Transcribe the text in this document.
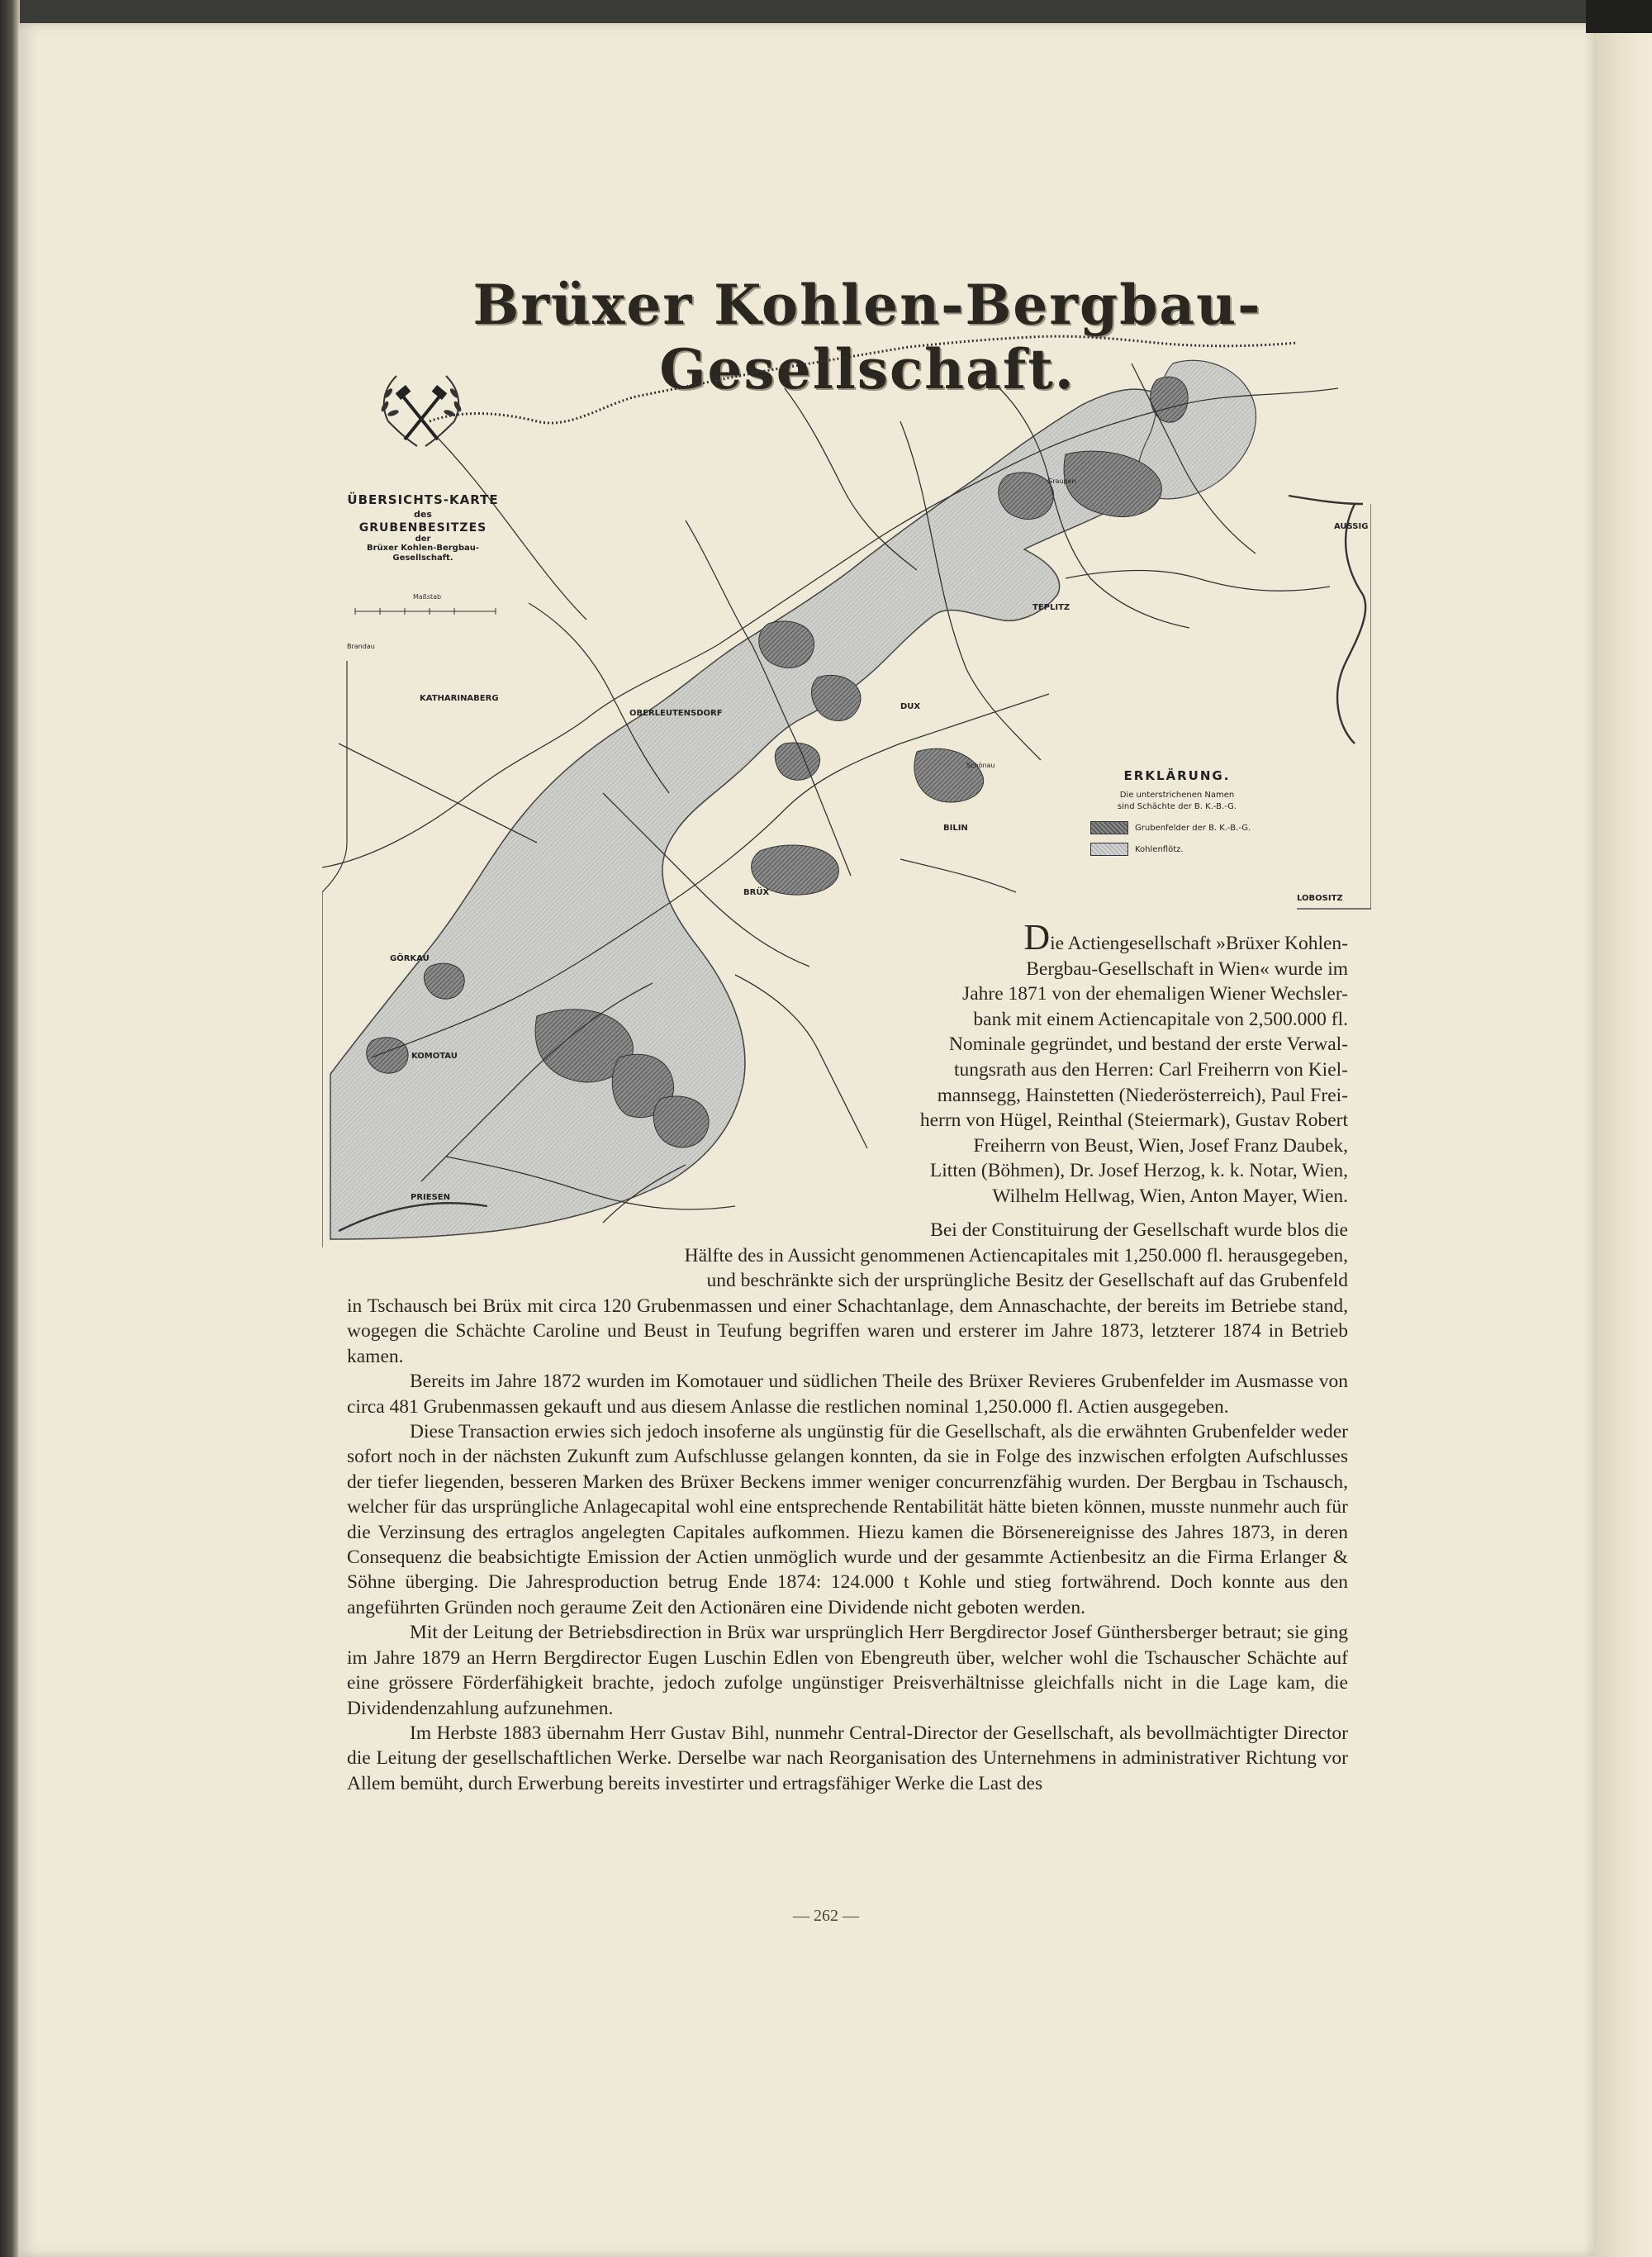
Brüxer Kohlen-Bergbau-Gesellschaft.
ÜBERSICHTS-KARTE
des
GRUBENBESITZES
der
Brüxer Kohlen-Bergbau-
Gesellschaft.
Maßstab
ERKLÄRUNG.
Die unterstrichenen Namen
sind Schächte der B. K.-B.-G.
Grubenfelder der B. K.-B.-G.
Kohlenflötz.
AUSSIG
TEPLITZ
DUX
BILIN
BRÜX
KOMOTAU
GÖRKAU
LOBOSITZ
Graupen
Brandau
KATHARINABERG
OBERLEUTENSDORF
PRIESEN
Schönau
Die Actiengesellschaft »Brüxer Kohlen-
Bergbau-Gesellschaft in Wien« wurde im
Jahre 1871 von der ehemaligen Wiener Wechsler-
bank mit einem Actiencapitale von 2,500.000 fl.
Nominale gegründet, und bestand der erste Verwal-
tungsrath aus den Herren: Carl Freiherrn von Kiel-
mannsegg, Hainstetten (Niederösterreich), Paul Frei-
herrn von Hügel, Reinthal (Steiermark), Gustav Robert
Freiherrn von Beust, Wien, Josef Franz Daubek,
Litten (Böhmen), Dr. Josef Herzog, k. k. Notar, Wien,
Wilhelm Hellwag, Wien, Anton Mayer, Wien.
Bei der Constituirung der Gesellschaft wurde blos die
Hälfte des in Aussicht genommenen Actiencapitales mit 1,250.000 fl. herausgegeben,
und beschränkte sich der ursprüngliche Besitz der Gesellschaft auf das Grubenfeld

in Tschausch bei Brüx mit circa 120 Grubenmassen und einer Schachtanlage, dem Annaschachte, der bereits im Betriebe stand, wogegen die Schächte Caroline und Beust in Teufung begriffen waren und ersterer im Jahre 1873, letzterer 1874 in Betrieb kamen.

Bereits im Jahre 1872 wurden im Komotauer und südlichen Theile des Brüxer Revieres Grubenfelder im Ausmasse von circa 481 Grubenmassen gekauft und aus diesem Anlasse die restlichen nominal 1,250.000 fl. Actien ausgegeben.

Diese Transaction erwies sich jedoch insoferne als ungünstig für die Gesellschaft, als die erwähnten Grubenfelder weder sofort noch in der nächsten Zukunft zum Aufschlusse gelangen konnten, da sie in Folge des inzwischen erfolgten Aufschlusses der tiefer liegenden, besseren Marken des Brüxer Beckens immer weniger concurrenzfähig wurden. Der Bergbau in Tschausch, welcher für das ursprüngliche Anlagecapital wohl eine entsprechende Rentabilität hätte bieten können, musste nunmehr auch für die Verzinsung des ertraglos angelegten Capitales aufkommen. Hiezu kamen die Börsenereignisse des Jahres 1873, in deren Consequenz die beabsichtigte Emission der Actien unmöglich wurde und der gesammte Actienbesitz an die Firma Erlanger & Söhne überging. Die Jahresproduction betrug Ende 1874: 124.000 t Kohle und stieg fortwährend. Doch konnte aus den angeführten Gründen noch geraume Zeit den Actionären eine Dividende nicht geboten werden.

Mit der Leitung der Betriebsdirection in Brüx war ursprünglich Herr Bergdirector Josef Günthersberger betraut; sie ging im Jahre 1879 an Herrn Bergdirector Eugen Luschin Edlen von Ebengreuth über, welcher wohl die Tschauscher Schächte auf eine grössere Förderfähigkeit brachte, jedoch zufolge ungünstiger Preisverhältnisse gleichfalls nicht in die Lage kam, die Dividendenzahlung aufzunehmen.

Im Herbste 1883 übernahm Herr Gustav Bihl, nunmehr Central-Director der Gesellschaft, als bevollmächtigter Director die Leitung der gesellschaftlichen Werke. Derselbe war nach Reorganisation des Unternehmens in administrativer Richtung vor Allem bemüht, durch Erwerbung bereits investirter und ertragsfähiger Werke die Last des

— 262 —
